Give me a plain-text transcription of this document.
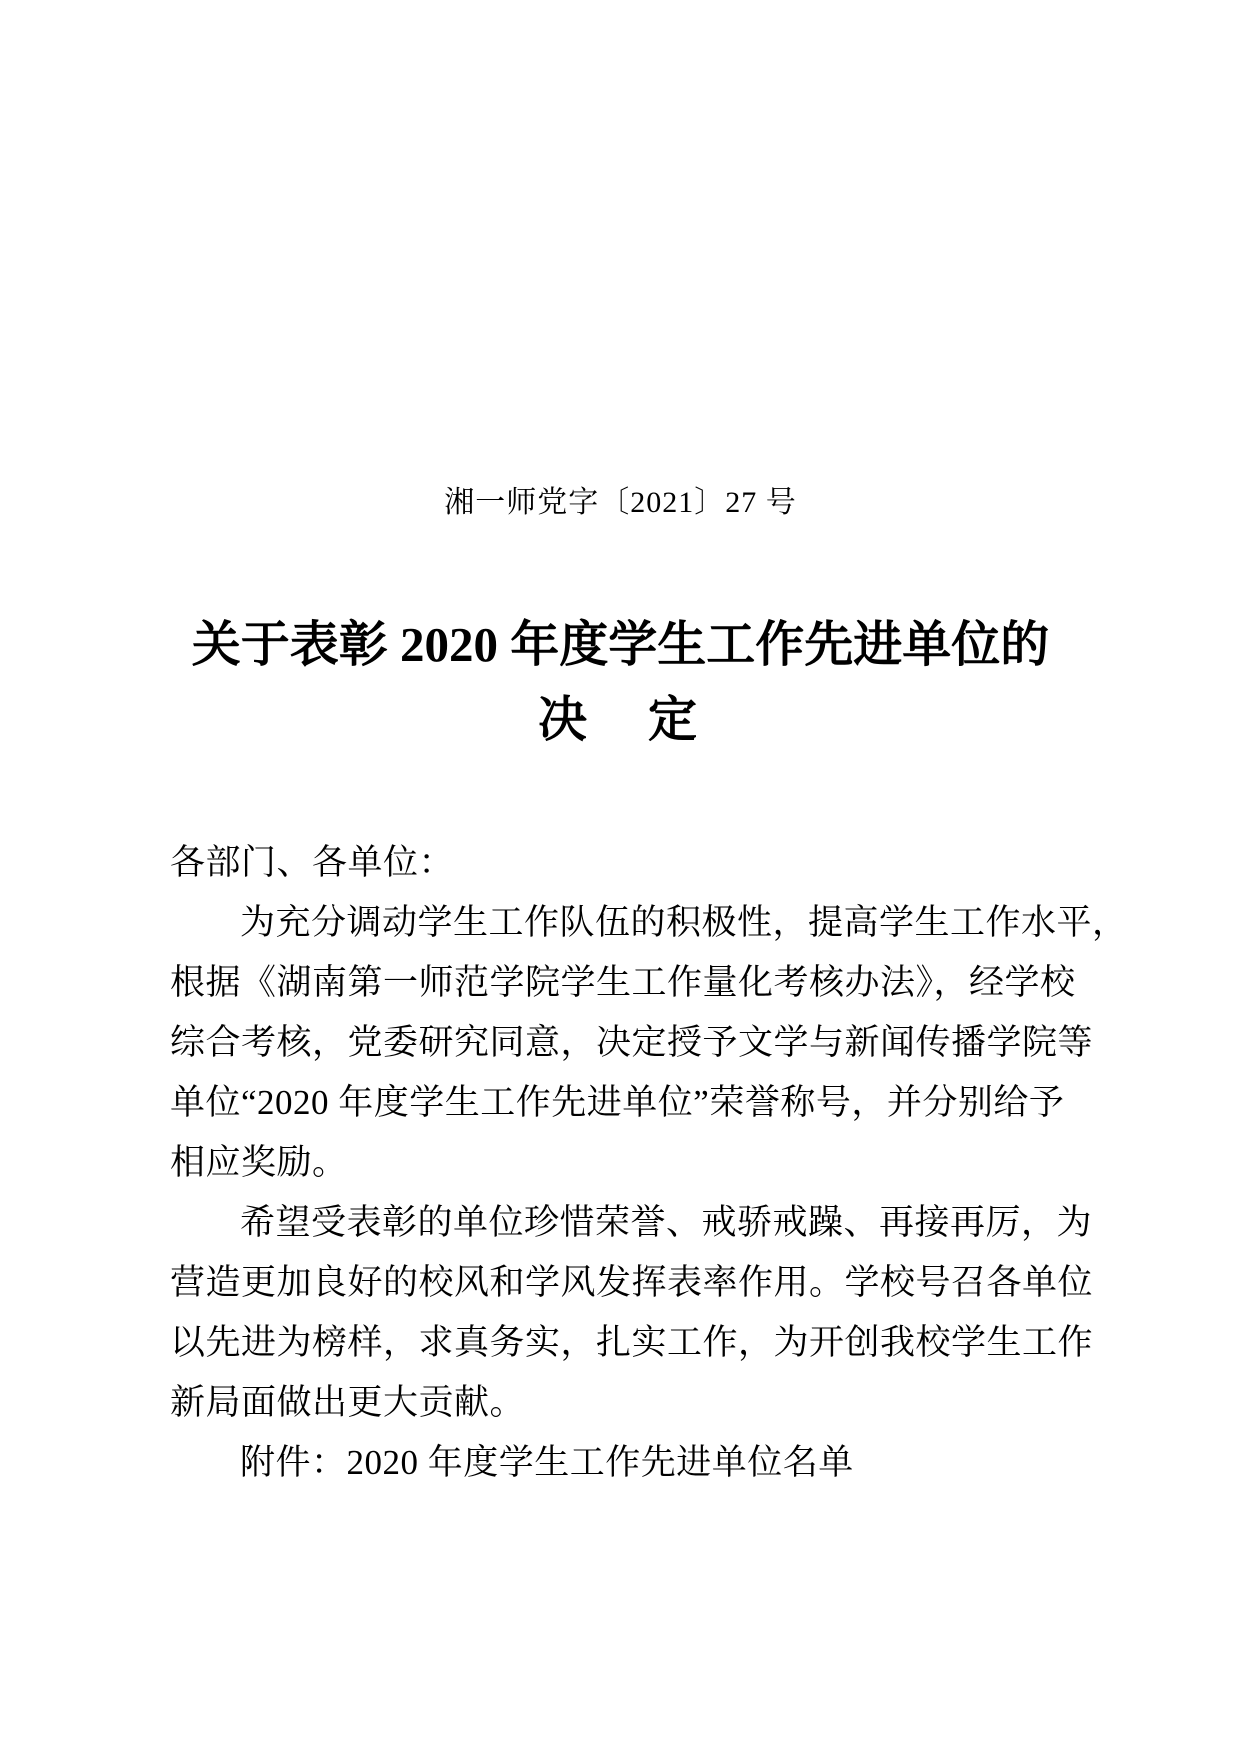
湘一师党字〔2021〕27 号
关于表彰 2020 年度学生工作先进单位的
决　定
各部门、各单位：
为充分调动学生工作队伍的积极性，提高学生工作水平，
根据《湖南第一师范学院学生工作量化考核办法》，经学校
综合考核，党委研究同意，决定授予文学与新闻传播学院等
单位“2020 年度学生工作先进单位”荣誉称号，并分别给予
相应奖励。
希望受表彰的单位珍惜荣誉、戒骄戒躁、再接再厉，为
营造更加良好的校风和学风发挥表率作用。学校号召各单位
以先进为榜样，求真务实，扎实工作，为开创我校学生工作
新局面做出更大贡献。
附件：2020 年度学生工作先进单位名单
